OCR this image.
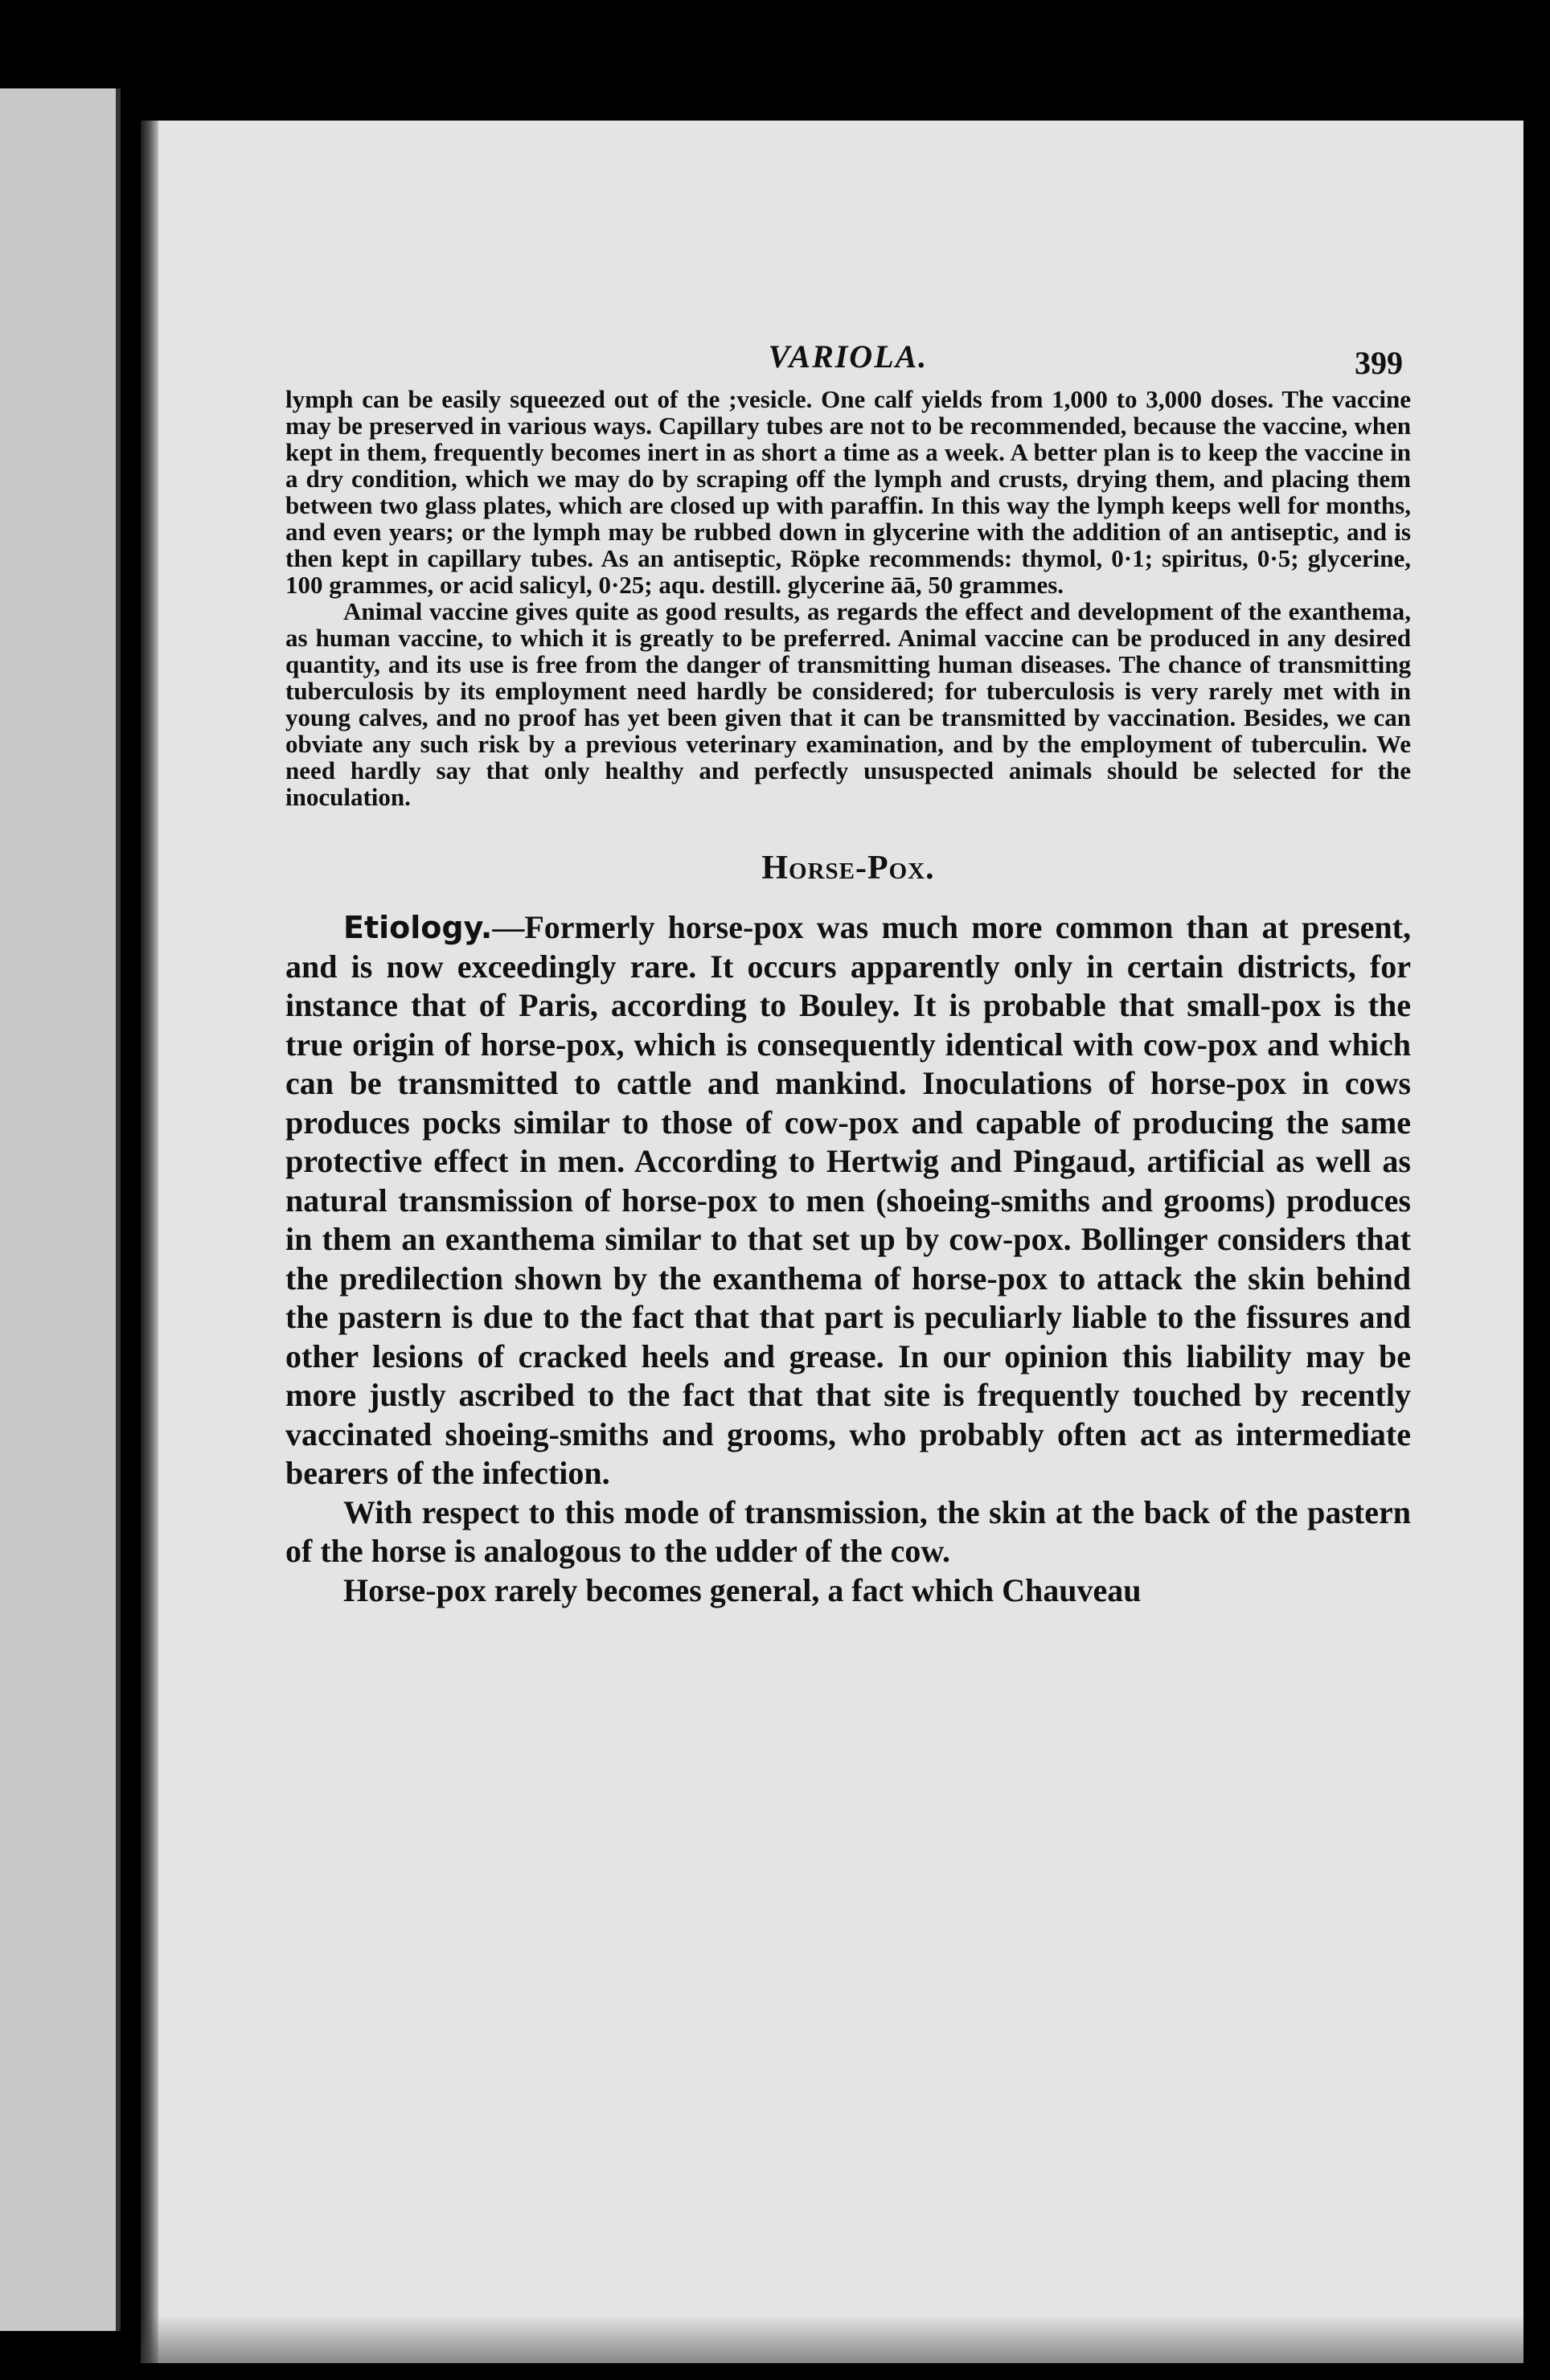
VARIOLA.	399

lymph can be easily squeezed out of the ;vesicle. One calf yields from 1,000 to 3,000 doses. The vaccine may be preserved in various ways. Capillary tubes are not to be recommended, because the vaccine, when kept in them, frequently becomes inert in as short a time as a week. A better plan is to keep the vaccine in a dry condition, which we may do by scraping off the lymph and crusts, drying them, and placing them between two glass plates, which are closed up with paraffin. In this way the lymph keeps well for months, and even years; or the lymph may be rubbed down in glycerine with the addition of an antiseptic, and is then kept in capillary tubes. As an antiseptic, Röpke recommends: thymol, 0·1; spiritus, 0·5; glycerine, 100 grammes, or acid salicyl, 0·25; aqu. destill. glycerine āā, 50 grammes.

Animal vaccine gives quite as good results, as regards the effect and development of the exanthema, as human vaccine, to which it is greatly to be preferred. Animal vaccine can be produced in any desired quantity, and its use is free from the danger of transmitting human diseases. The chance of transmitting tuberculosis by its employment need hardly be considered; for tuberculosis is very rarely met with in young calves, and no proof has yet been given that it can be transmitted by vaccination. Besides, we can obviate any such risk by a previous veterinary examination, and by the employment of tuberculin. We need hardly say that only healthy and perfectly unsuspected animals should be selected for the inoculation.

Horse-Pox.

Etiology.—Formerly horse-pox was much more common than at present, and is now exceedingly rare. It occurs apparently only in certain districts, for instance that of Paris, according to Bouley. It is probable that small-pox is the true origin of horse-pox, which is consequently identical with cow-pox and which can be transmitted to cattle and mankind. Inoculations of horse-pox in cows produces pocks similar to those of cow-pox and capable of producing the same protective effect in men. According to Hertwig and Pingaud, artificial as well as natural transmission of horse-pox to men (shoeing-smiths and grooms) produces in them an exanthema similar to that set up by cow-pox. Bollinger considers that the predilection shown by the exanthema of horse-pox to attack the skin behind the pastern is due to the fact that that part is peculiarly liable to the fissures and other lesions of cracked heels and grease. In our opinion this liability may be more justly ascribed to the fact that that site is frequently touched by recently vaccinated shoeing-smiths and grooms, who probably often act as intermediate bearers of the infection.

With respect to this mode of transmission, the skin at the back of the pastern of the horse is analogous to the udder of the cow.

Horse-pox rarely becomes general, a fact which Chauveau
